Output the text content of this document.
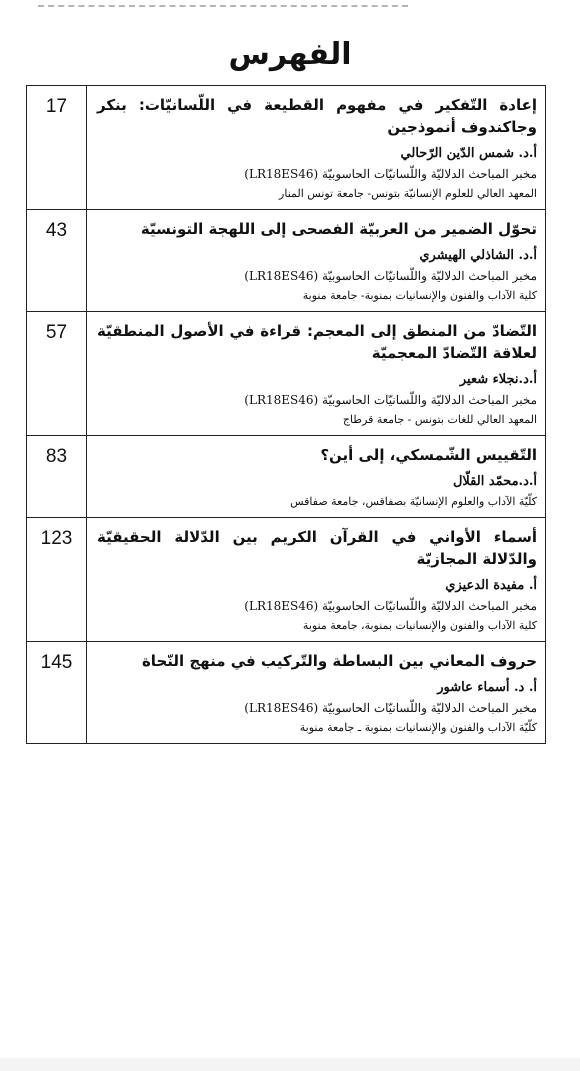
الفهرس
17	إعادة التّفكير في مفهوم القطيعة في اللّسانيّات: بنكر وجاكندوف أنموذجين
أ.د. شمس الدّين الرّحالي
مخبر المباحث الدلاليّة واللّسانيّات الحاسوبيّة (LR18ES46)
المعهد العالي للعلوم الإنسانيّة بتونس- جامعة تونس المنار
43	تحوّل الضمير من العربيّة الفصحى إلى اللهجة التونسيّة
أ.د. الشاذلي الهيشري
مخبر المباحث الدلاليّة واللّسانيّات الحاسوبيّة (LR18ES46)
كلية الآداب والفنون والإنسانيات بمنوبة- جامعة منوبة
57	التّضادّ من المنطق إلى المعجم: قراءة في الأصول المنطقيّة لعلاقة التّضادّ المعجميّة
أ.د.نجلاء شعير
مخبر المباحث الدلاليّة واللّسانيّات الحاسوبيّة (LR18ES46)
المعهد العالي للغات بتونس - جامعة قرطاج
83	التّقييس الشّمسكي، إلى أين؟
أ.د.محمّد القلّال
كلّيّة الآداب والعلوم الإنسانيّة بصفاقس، جامعة صفاقس
123	أسماء الأواني في القرآن الكريم بين الدّلالة الحقيقيّة والدّلالة المجازيّة
أ. مفيدة الدعيزي
مخبر المباحث الدلاليّة واللّسانيّات الحاسوبيّة (LR18ES46)
كلية الآداب والفنون والإنسانيات بمنوبة، جامعة منوبة
145	حروف المعاني بين البساطة والتّركيب في منهج النّحاة
أ. د. أسماء عاشور
مخبر المباحث الدلاليّة واللّسانيّات الحاسوبيّة (LR18ES46)
كلّيّة الآداب والفنون والإنسانيات بمنوبة ـ جامعة منوبة
